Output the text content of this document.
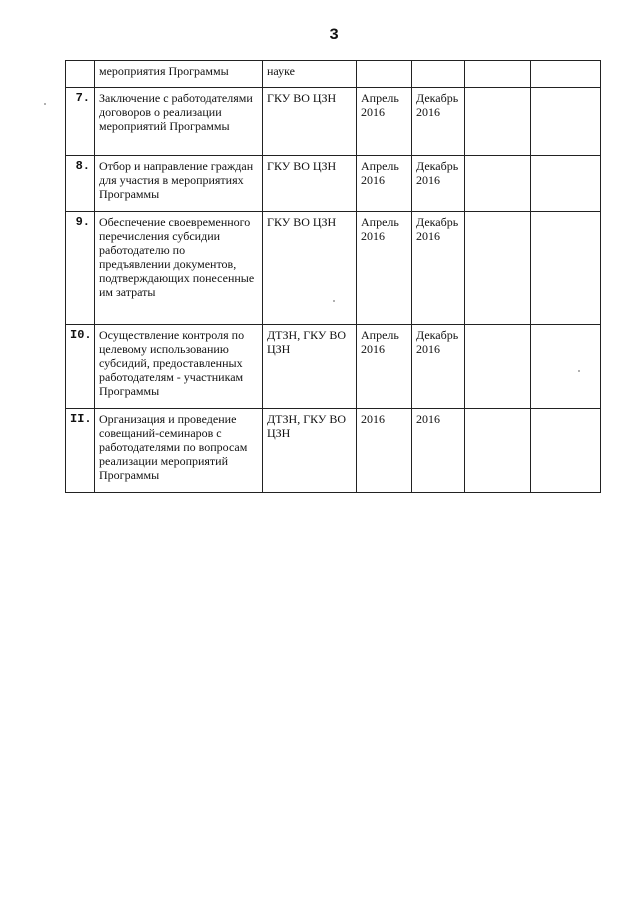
3
	мероприятия Программы	науке				
7.	Заключение с работодателями договоров о реализации мероприятий Программы	ГКУ ВО ЦЗН	Апрель 2016	Декабрь 2016		
8.	Отбор и направление граждан для участия в мероприятиях Программы	ГКУ ВО ЦЗН	Апрель 2016	Декабрь 2016		
9.	Обеспечение своевременного перечисления субсидии работодателю по предъявлении документов, подтверждающих понесенные им затраты	ГКУ ВО ЦЗН	Апрель 2016	Декабрь 2016		
I0.	Осуществление контроля по целевому использованию субсидий, предоставленных работодателям - участникам Программы	ДТЗН, ГКУ ВО ЦЗН	Апрель 2016	Декабрь 2016		
II.	Организация и проведение совещаний-семинаров с работодателями по вопросам реализации мероприятий Программы	ДТЗН, ГКУ ВО ЦЗН	2016	2016		
